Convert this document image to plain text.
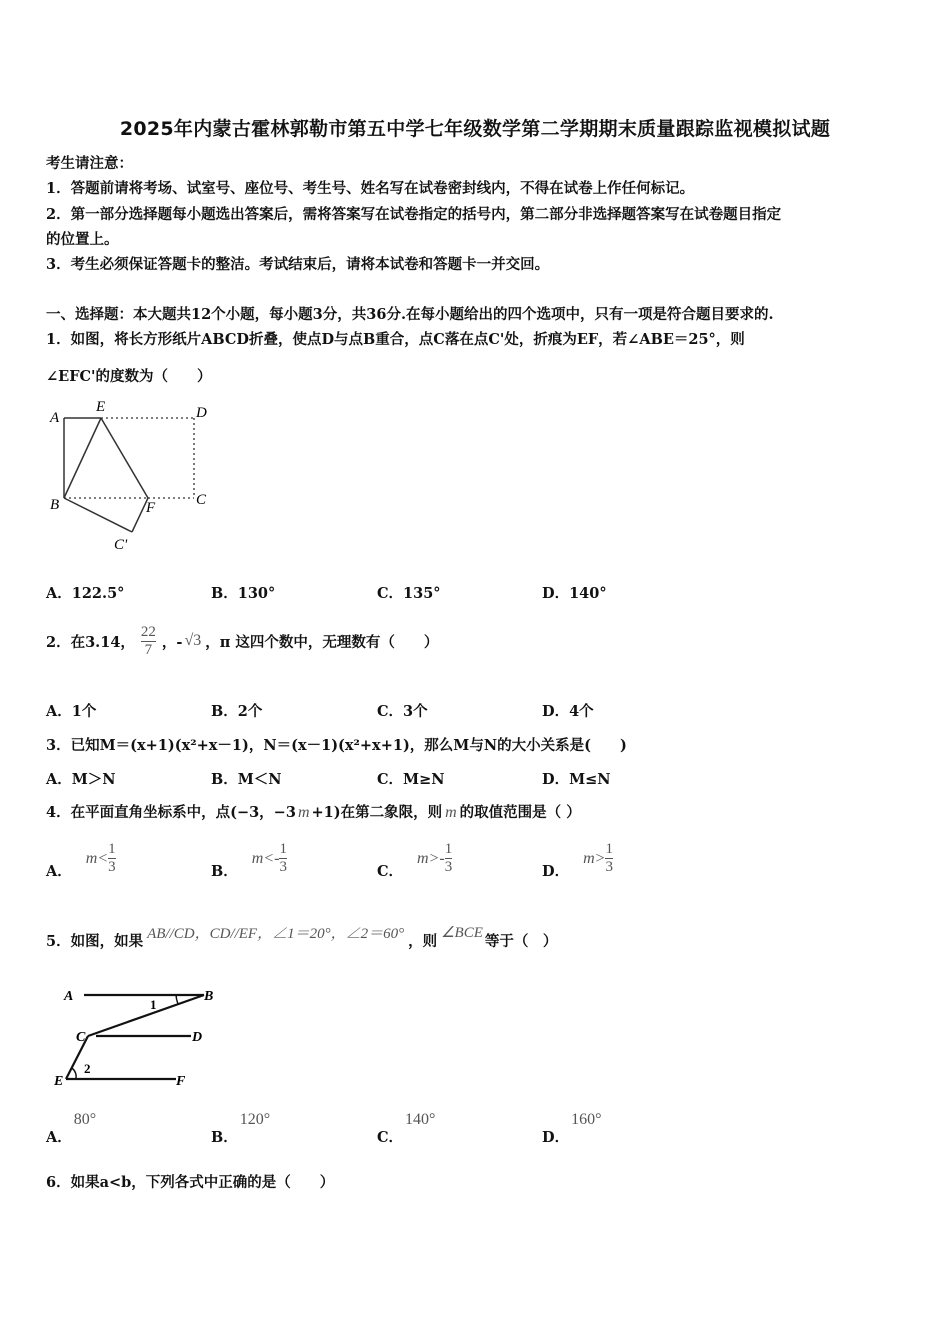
2025年内蒙古霍林郭勒市第五中学七年级数学第二学期期末质量跟踪监视模拟试题
考生请注意：
1．答题前请将考场、试室号、座位号、考生号、姓名写在试卷密封线内，不得在试卷上作任何标记。
2．第一部分选择题每小题选出答案后，需将答案写在试卷指定的括号内，第二部分非选择题答案写在试卷题目指定
的位置上。
3．考生必须保证答题卡的整洁。考试结束后，请将本试卷和答题卡一并交回。
一、选择题：本大题共12个小题，每小题3分，共36分.在每小题给出的四个选项中，只有一项是符合题目要求的.
1．如图，将长方形纸片ABCD折叠，使点D与点B重合，点C落在点C'处，折痕为EF，若∠ABE＝25°，则
∠EFC'的度数为（　　）
A
E	D
B	C
F
C'
A．122.5°	B．130°	C．135°	D．140°
2．在3.14， $\frac{22}{7}$ ，- √3 ，π 这四个数中，无理数有（　　）
A．1个	B．2个	C．3个	D．4个
3．已知M＝(x+1)(x²+x－1)，N＝(x－1)(x²+x+1)，那么M与N的大小关系是(　　)
A．M＞N	B．M＜N	C．M≥N	D．M≤N
4．在平面直角坐标系中，点(−3，−3 m +1)在第二象限，则 m 的取值范围是（ ）
A．
$m< \frac{1}{3}$	B．
$m<- \frac{1}{3}$	C．
$m>- \frac{1}{3}$	D．
$m> \frac{1}{3}$
5．如图，如果 AB//CD，CD//EF，∠1＝20°，∠2＝60° ，则 ∠BCE 等于（　）
A	B
1
C	D
E
2
F
A．80°
B．120°
C．140°
D．160°
6．如果a<b，下列各式中正确的是（　　）
